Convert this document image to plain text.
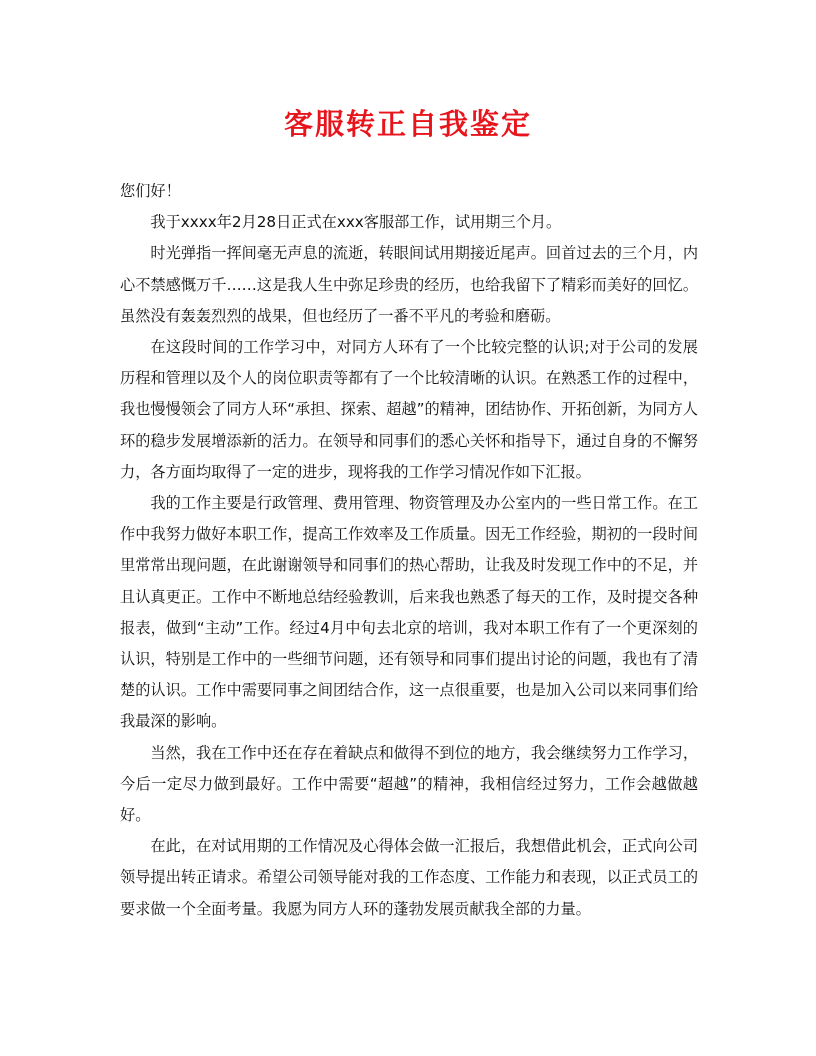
客服转正自我鉴定

您们好！

我于xxxx年2月28日正式在xxx客服部工作，试用期三个月。

时光弹指一挥间毫无声息的流逝，转眼间试用期接近尾声。回首过去的三个月，内心不禁感慨万千……这是我人生中弥足珍贵的经历，也给我留下了精彩而美好的回忆。虽然没有轰轰烈烈的战果，但也经历了一番不平凡的考验和磨砺。

在这段时间的工作学习中，对同方人环有了一个比较完整的认识;对于公司的发展历程和管理以及个人的岗位职责等都有了一个比较清晰的认识。在熟悉工作的过程中，我也慢慢领会了同方人环“承担、探索、超越”的精神，团结协作、开拓创新，为同方人环的稳步发展增添新的活力。在领导和同事们的悉心关怀和指导下，通过自身的不懈努力，各方面均取得了一定的进步，现将我的工作学习情况作如下汇报。

我的工作主要是行政管理、费用管理、物资管理及办公室内的一些日常工作。在工作中我努力做好本职工作，提高工作效率及工作质量。因无工作经验，期初的一段时间里常常出现问题，在此谢谢领导和同事们的热心帮助，让我及时发现工作中的不足，并且认真更正。工作中不断地总结经验教训，后来我也熟悉了每天的工作，及时提交各种报表，做到“主动”工作。经过4月中旬去北京的培训，我对本职工作有了一个更深刻的认识，特别是工作中的一些细节问题，还有领导和同事们提出讨论的问题，我也有了清楚的认识。工作中需要同事之间团结合作，这一点很重要，也是加入公司以来同事们给我最深的影响。

当然，我在工作中还在存在着缺点和做得不到位的地方，我会继续努力工作学习，今后一定尽力做到最好。工作中需要“超越”的精神，我相信经过努力，工作会越做越好。

在此，在对试用期的工作情况及心得体会做一汇报后，我想借此机会，正式向公司领导提出转正请求。希望公司领导能对我的工作态度、工作能力和表现，以正式员工的要求做一个全面考量。我愿为同方人环的蓬勃发展贡献我全部的力量。
